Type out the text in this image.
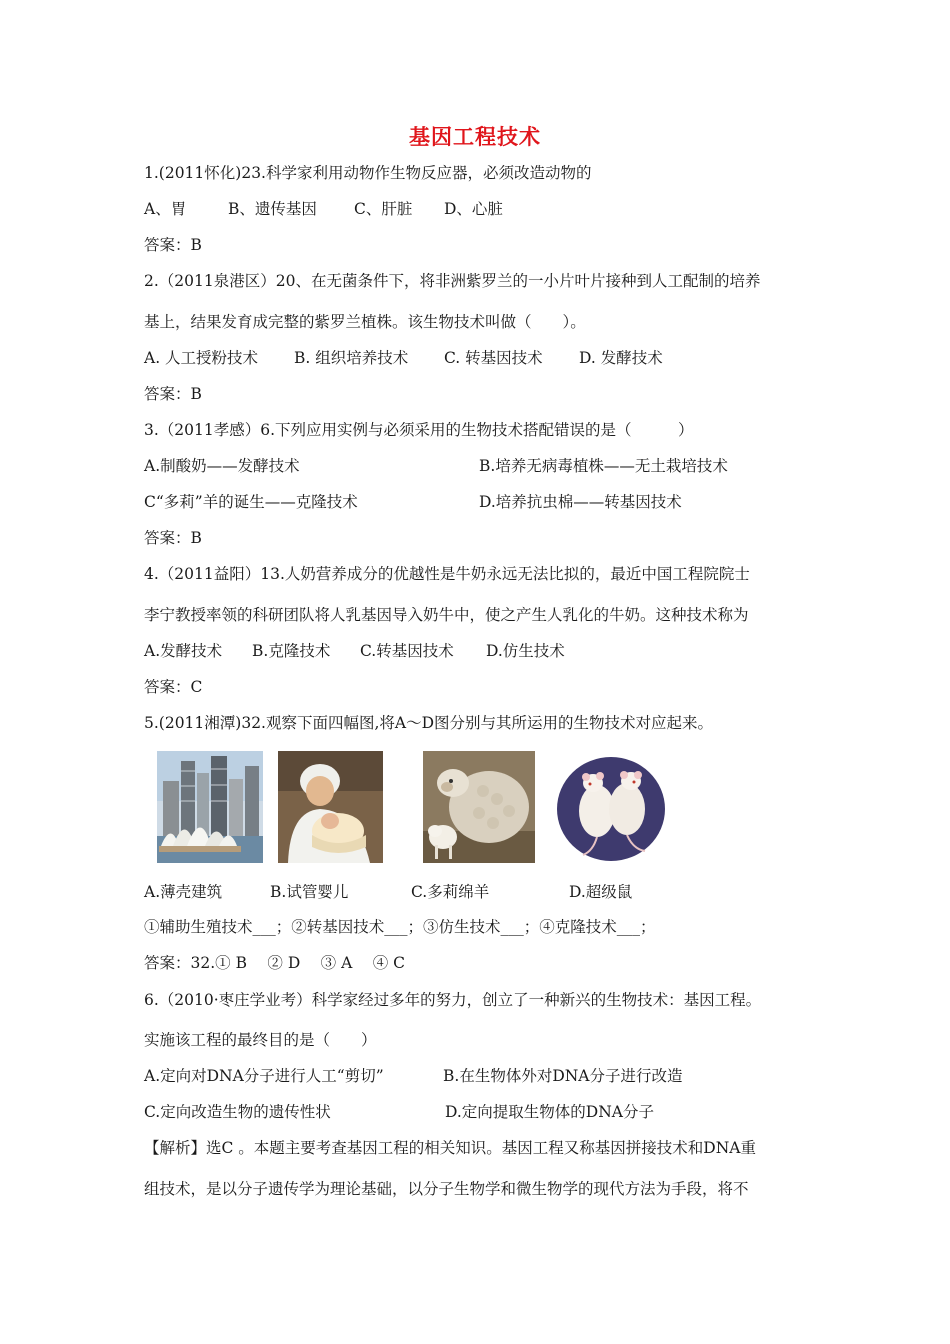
基因工程技术
1.(2011怀化)23.科学家利用动物作生物反应器，必须改造动物的
A、胃	B、遗传基因 C、肝脏 D、心脏
答案：B
2.（2011泉港区）20、在无菌条件下，将非洲紫罗兰的一小片叶片接种到人工配制的培养
基上，结果发育成完整的紫罗兰植株。该生物技术叫做（　　）。
A. 人工授粉技术 B. 组织培养技术 C. 转基因技术 D. 发酵技术
答案：B
3.（2011孝感）6.下列应用实例与必须采用的生物技术搭配错误的是（　　　）
A.制酸奶——发酵技术	B.培养无病毒植株——无土栽培技术
C“多莉”羊的诞生——克隆技术	D.培养抗虫棉——转基因技术
答案：B
4.（2011益阳）13.人奶营养成分的优越性是牛奶永远无法比拟的，最近中国工程院院士
李宁教授率领的科研团队将人乳基因导入奶牛中，使之产生人乳化的牛奶。这种技术称为
A.发酵技术 B.克隆技术 C.转基因技术 D.仿生技术
答案：C
5.(2011湘潭)32.观察下面四幅图,将A～D图分别与其所运用的生物技术对应起来。
A.薄壳建筑	B.试管婴儿	C.多莉绵羊	D.超级鼠
①辅助生殖技术___；②转基因技术___；③仿生技术___；④克隆技术___；
答案：32.① B　 ② D　 ③ A　 ④ C
6.（2010·枣庄学业考）科学家经过多年的努力，创立了一种新兴的生物技术：基因工程。
实施该工程的最终目的是（　　）
A.定向对DNA分子进行人工“剪切”	B.在生物体外对DNA分子进行改造
C.定向改造生物的遗传性状	D.定向提取生物体的DNA分子
【解析】选C 。本题主要考查基因工程的相关知识。基因工程又称基因拼接技术和DNA重
组技术，是以分子遗传学为理论基础，以分子生物学和微生物学的现代方法为手段，将不
